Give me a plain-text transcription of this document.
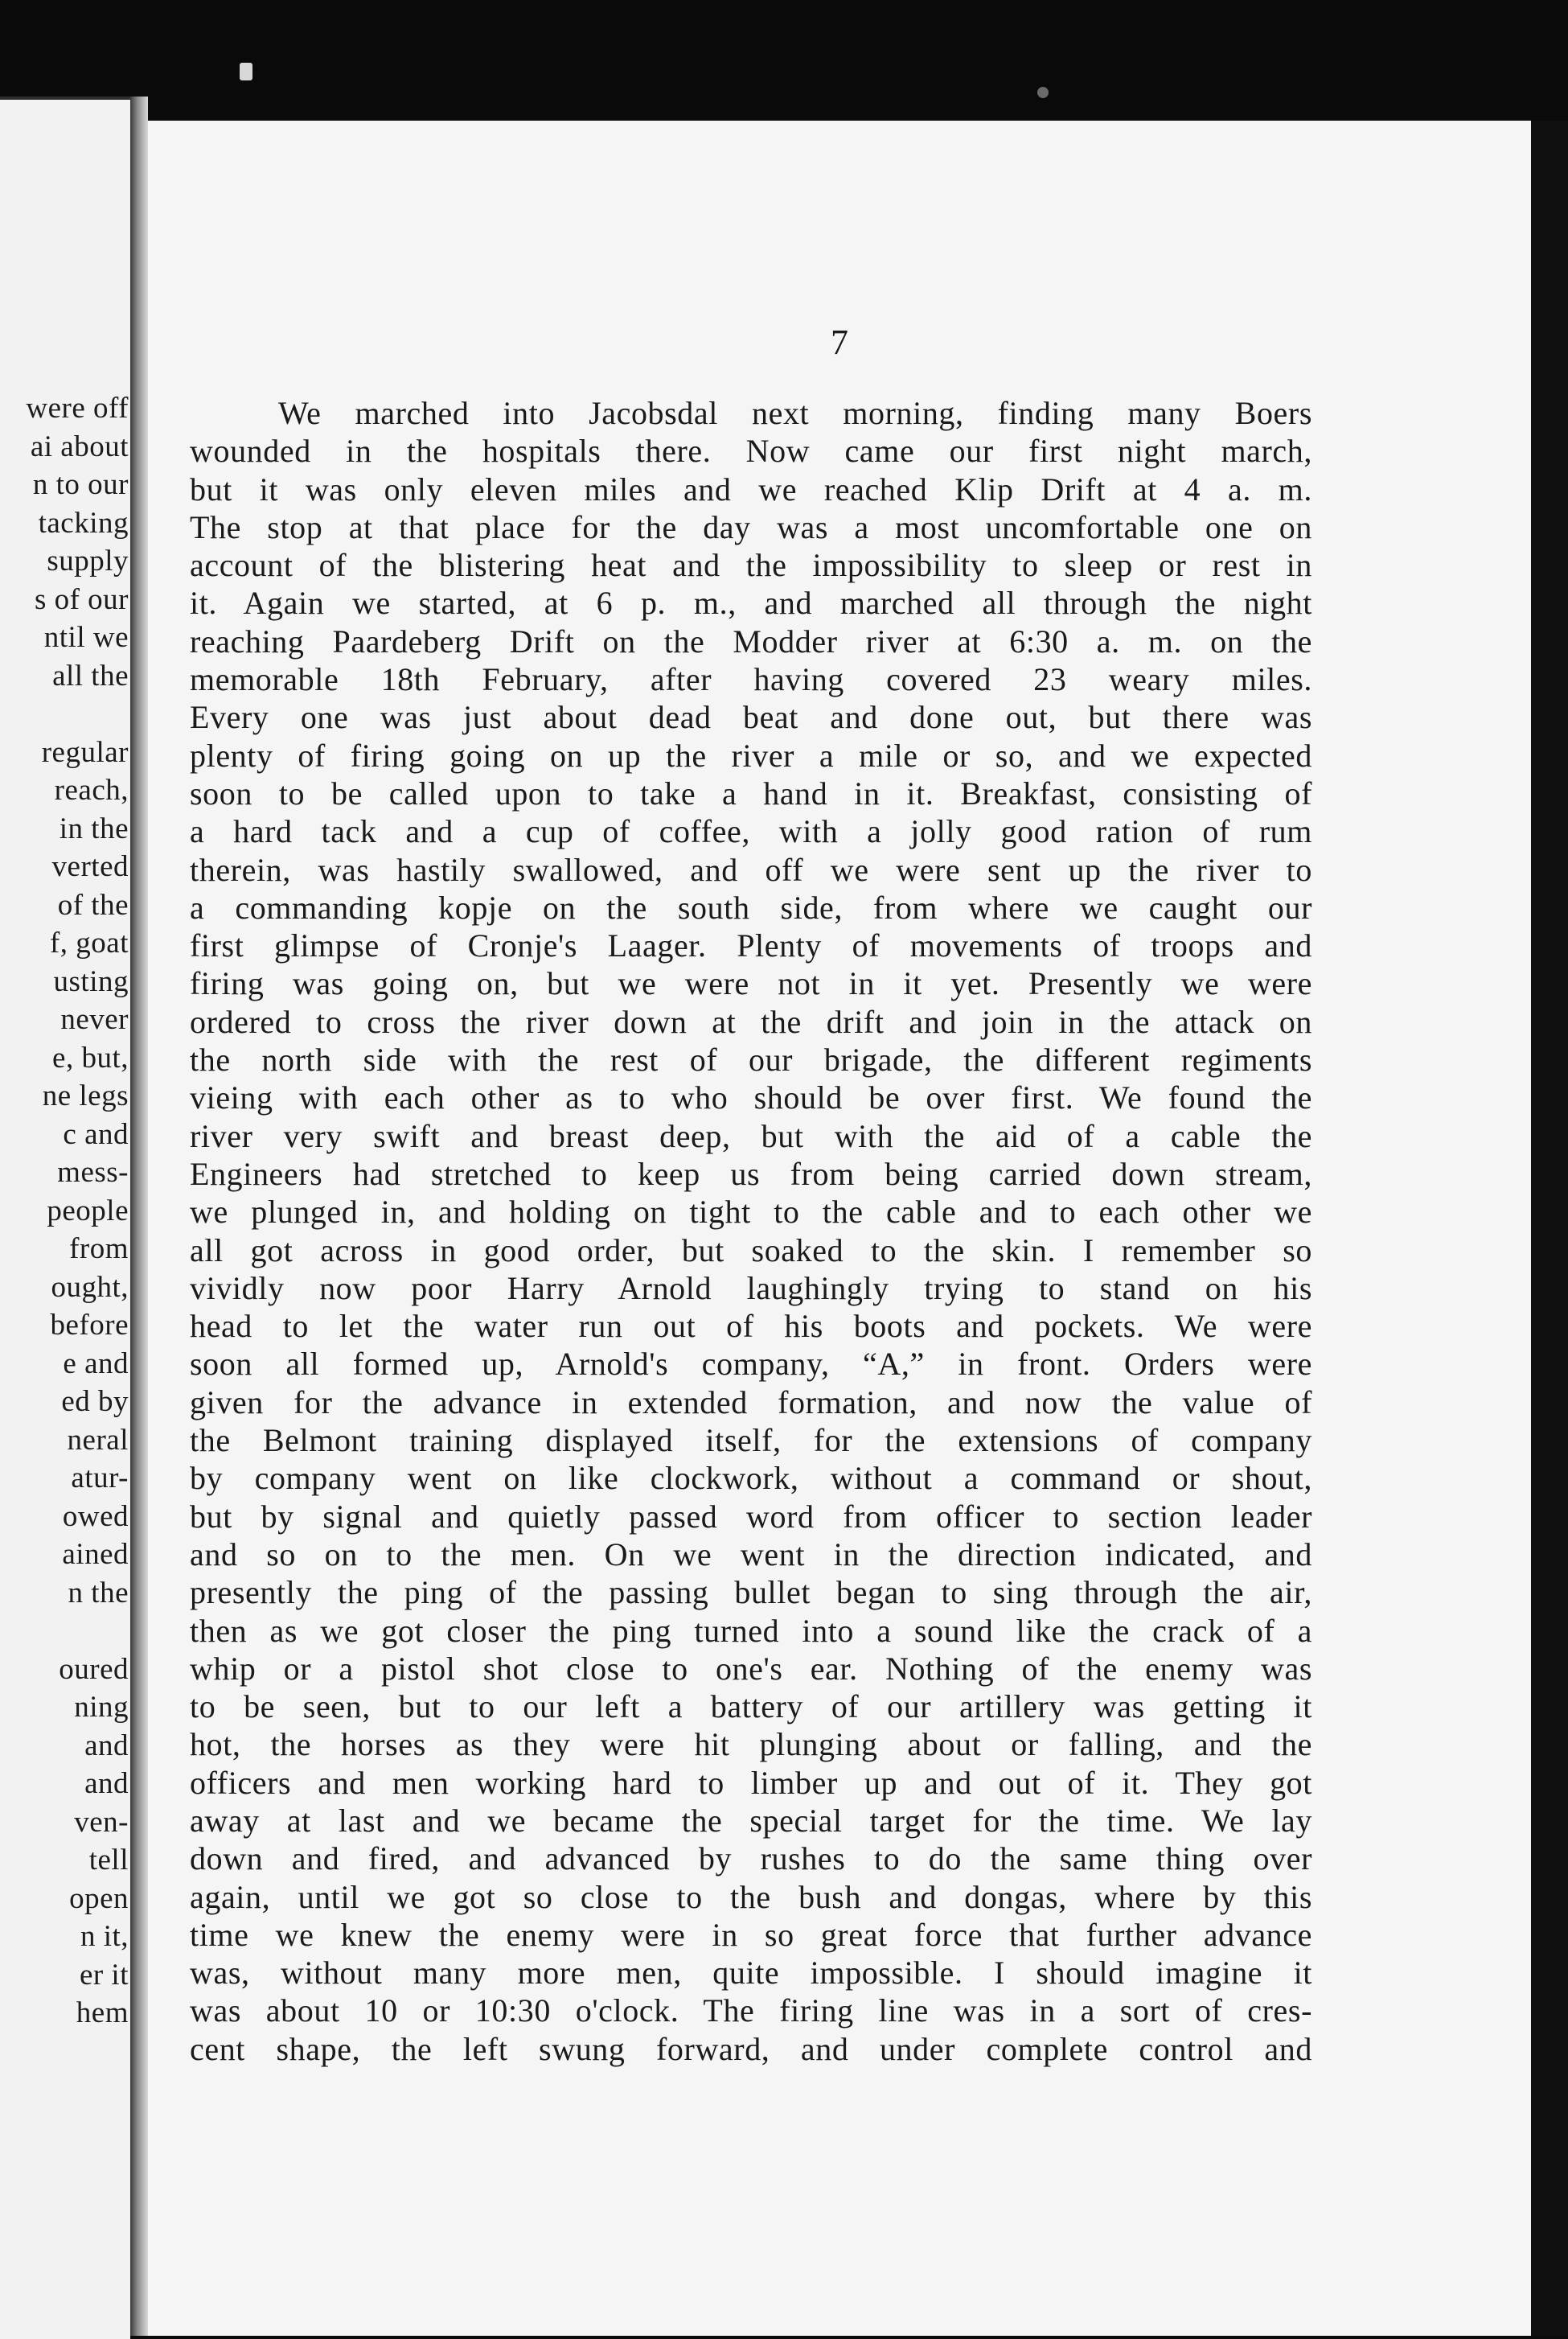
were off
ai about
n to our
tacking
supply
s of our
ntil we
all the
regular
reach,
in the
verted
of the
f, goat
usting
never
e, but,
ne legs
c and
mess-
people
from
ought,
before
e and
ed by
neral
atur-
owed
ained
n the
oured
ning
and
and
ven-
tell
open
n it,
er it
hem

7

We marched into Jacobsdal next morning, finding many Boers
wounded in the hospitals there. Now came our first night march,
but it was only eleven miles and we reached Klip Drift at 4 a. m.
The stop at that place for the day was a most uncomfortable one on
account of the blistering heat and the impossibility to sleep or rest in
it. Again we started, at 6 p. m., and marched all through the night
reaching Paardeberg Drift on the Modder river at 6:30 a. m. on the
memorable 18th February, after having covered 23 weary miles.
Every one was just about dead beat and done out, but there was
plenty of firing going on up the river a mile or so, and we expected
soon to be called upon to take a hand in it. Breakfast, consisting of
a hard tack and a cup of coffee, with a jolly good ration of rum
therein, was hastily swallowed, and off we were sent up the river to
a commanding kopje on the south side, from where we caught our
first glimpse of Cronje's Laager. Plenty of movements of troops and
firing was going on, but we were not in it yet. Presently we were
ordered to cross the river down at the drift and join in the attack on
the north side with the rest of our brigade, the different regiments
vieing with each other as to who should be over first. We found the
river very swift and breast deep, but with the aid of a cable the
Engineers had stretched to keep us from being carried down stream,
we plunged in, and holding on tight to the cable and to each other we
all got across in good order, but soaked to the skin. I remember so
vividly now poor Harry Arnold laughingly trying to stand on his
head to let the water run out of his boots and pockets. We were
soon all formed up, Arnold's company, “A,” in front. Orders were
given for the advance in extended formation, and now the value of
the Belmont training displayed itself, for the extensions of company
by company went on like clockwork, without a command or shout,
but by signal and quietly passed word from officer to section leader
and so on to the men. On we went in the direction indicated, and
presently the ping of the passing bullet began to sing through the air,
then as we got closer the ping turned into a sound like the crack of a
whip or a pistol shot close to one's ear. Nothing of the enemy was
to be seen, but to our left a battery of our artillery was getting it
hot, the horses as they were hit plunging about or falling, and the
officers and men working hard to limber up and out of it. They got
away at last and we became the special target for the time. We lay
down and fired, and advanced by rushes to do the same thing over
again, until we got so close to the bush and dongas, where by this
time we knew the enemy were in so great force that further advance
was, without many more men, quite impossible. I should imagine it
was about 10 or 10:30 o'clock. The firing line was in a sort of cres-
cent shape, the left swung forward, and under complete control and
